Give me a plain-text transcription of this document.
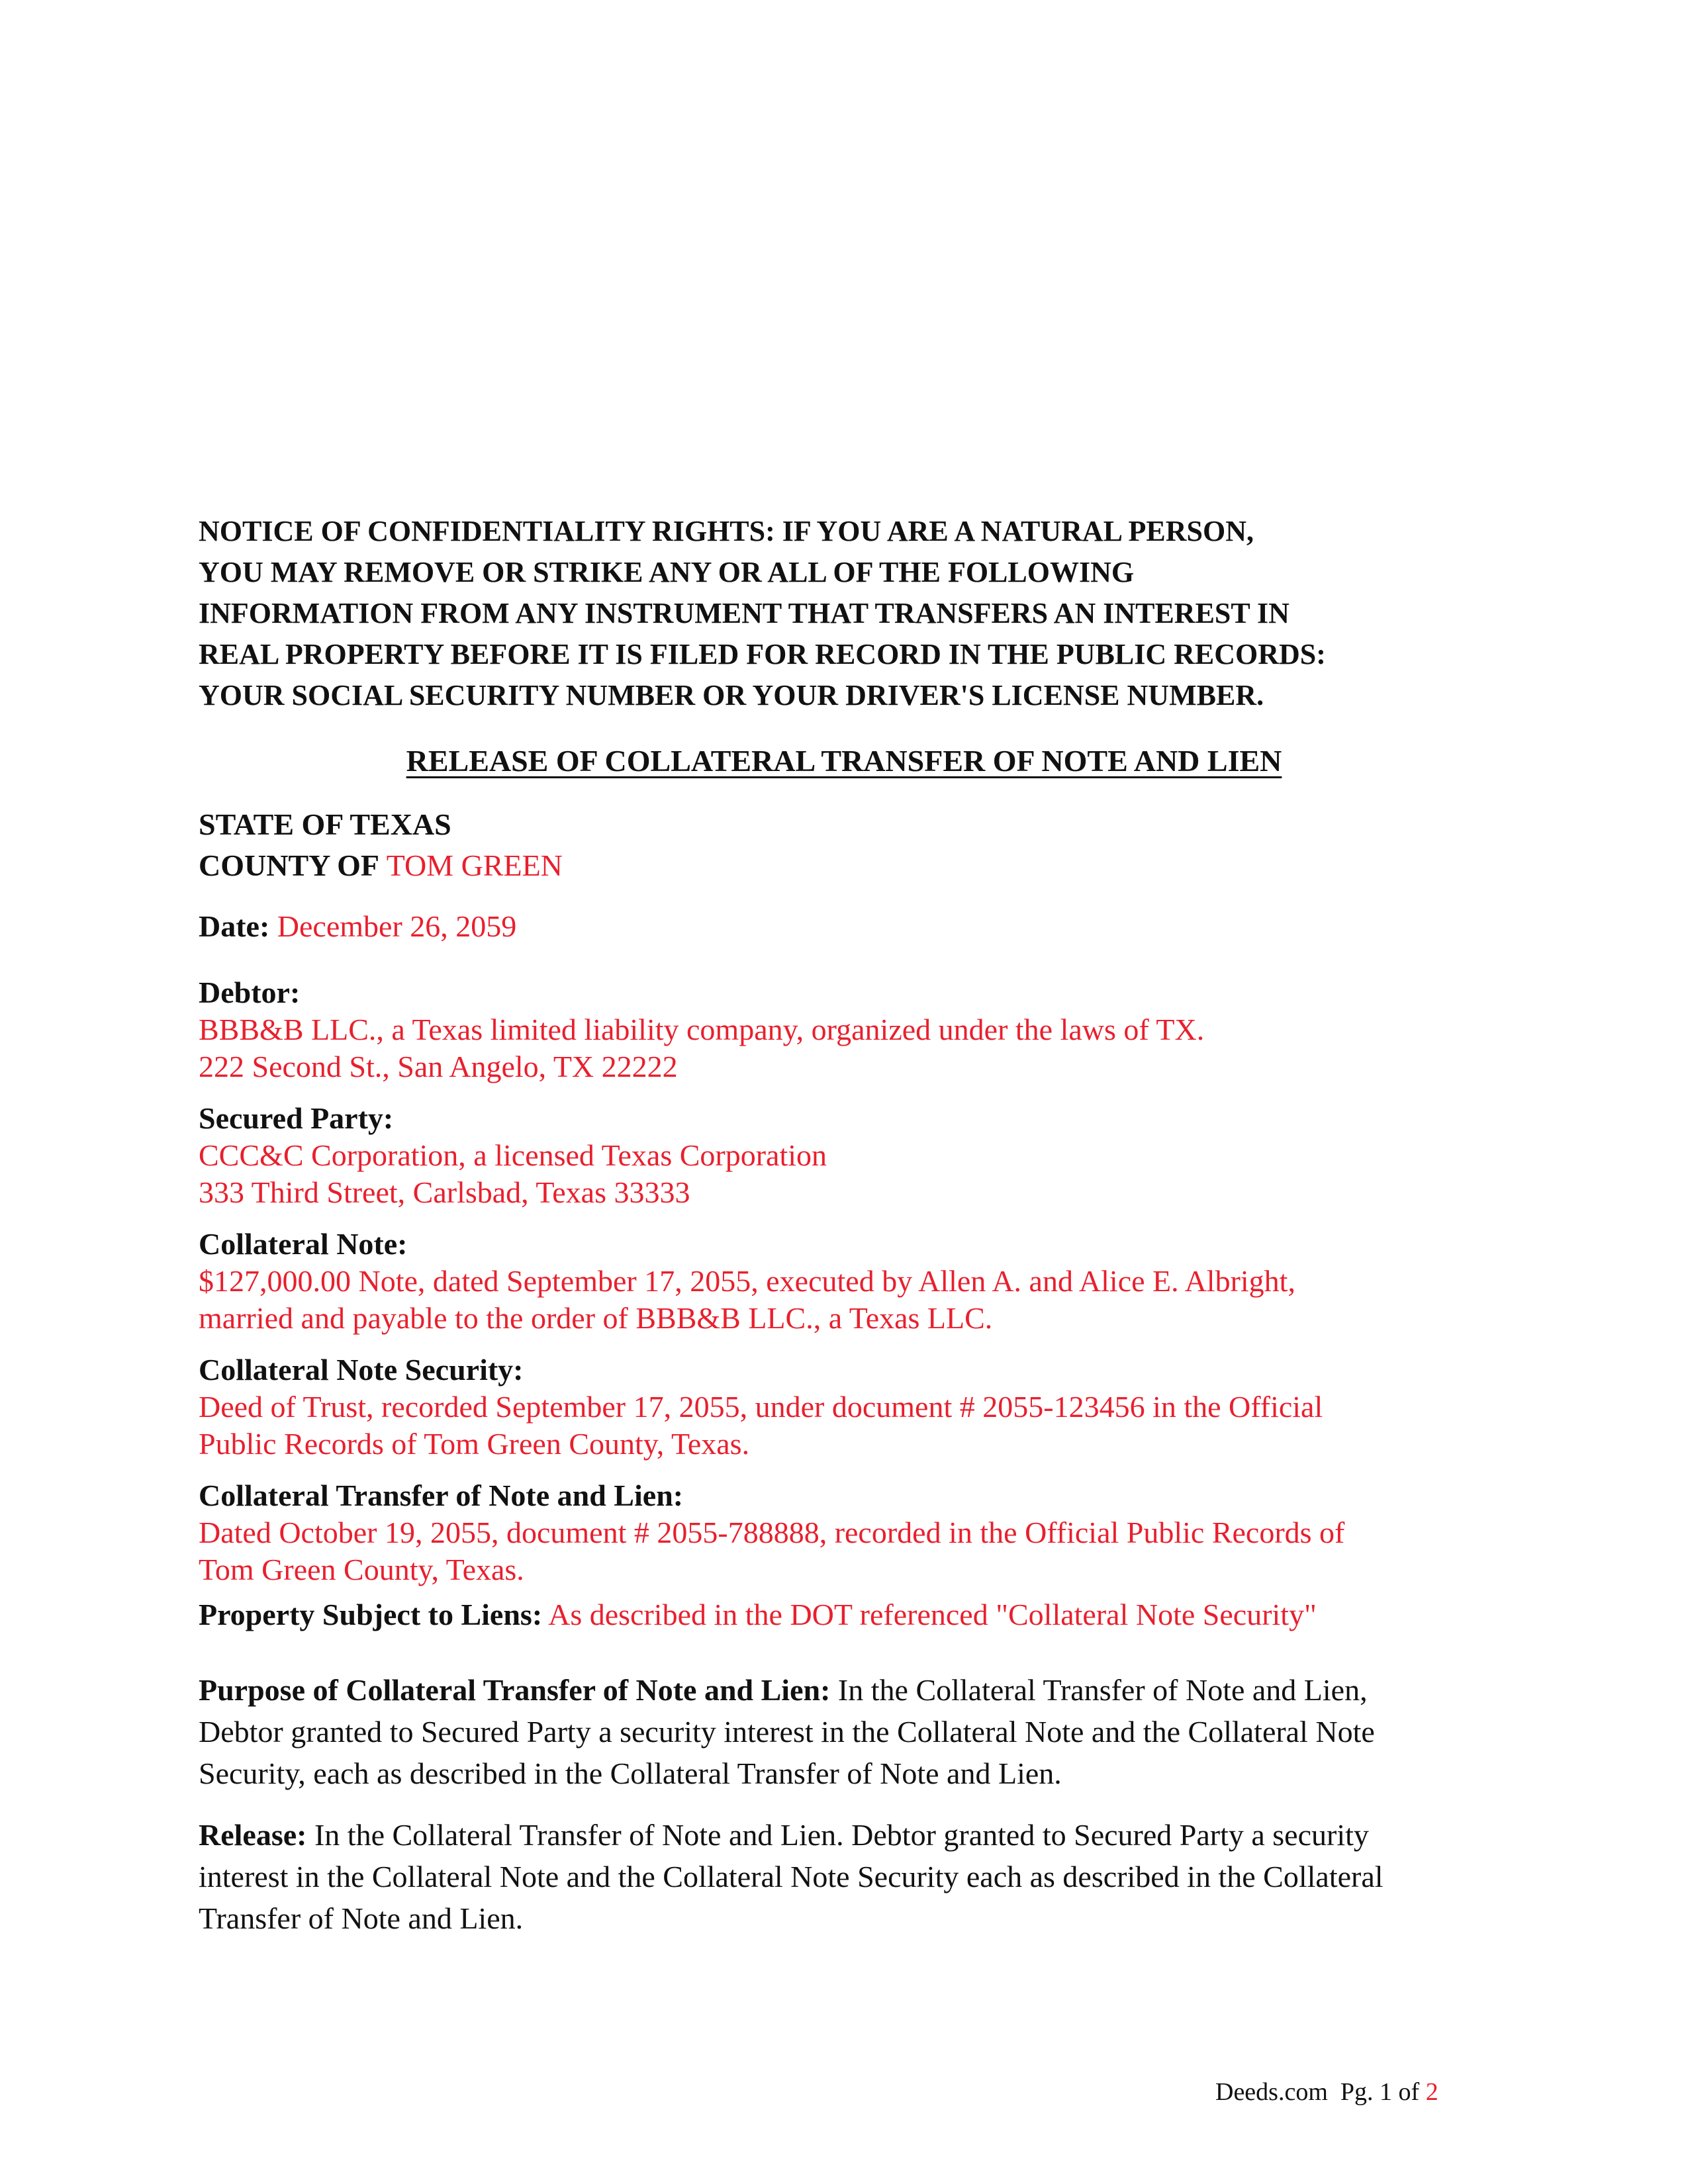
NOTICE OF CONFIDENTIALITY RIGHTS: IF YOU ARE A NATURAL PERSON,
YOU MAY REMOVE OR STRIKE ANY OR ALL OF THE FOLLOWING
INFORMATION FROM ANY INSTRUMENT THAT TRANSFERS AN INTEREST IN
REAL PROPERTY BEFORE IT IS FILED FOR RECORD IN THE PUBLIC RECORDS:
YOUR SOCIAL SECURITY NUMBER OR YOUR DRIVER'S LICENSE NUMBER.
RELEASE OF COLLATERAL TRANSFER OF NOTE AND LIEN
STATE OF TEXAS
COUNTY OF TOM GREEN
Date: December 26, 2059
Debtor:
BBB&B LLC., a Texas limited liability company, organized under the laws of TX.
222 Second St., San Angelo, TX 22222
Secured Party:
CCC&C Corporation, a licensed Texas Corporation
333 Third Street, Carlsbad, Texas 33333
Collateral Note:
$127,000.00 Note, dated September 17, 2055, executed by Allen A. and Alice E. Albright,
married and payable to the order of BBB&B LLC., a Texas LLC.
Collateral Note Security:
Deed of Trust, recorded September 17, 2055, under document # 2055-123456 in the Official
Public Records of Tom Green County, Texas.
Collateral Transfer of Note and Lien:
Dated October 19, 2055, document # 2055-788888, recorded in the Official Public Records of
Tom Green County, Texas.
Property Subject to Liens: As described in the DOT referenced "Collateral Note Security"
Purpose of Collateral Transfer of Note and Lien: In the Collateral Transfer of Note and Lien,
Debtor granted to Secured Party a security interest in the Collateral Note and the Collateral Note
Security, each as described in the Collateral Transfer of Note and Lien.
Release: In the Collateral Transfer of Note and Lien. Debtor granted to Secured Party a security
interest in the Collateral Note and the Collateral Note Security each as described in the Collateral
Transfer of Note and Lien.
Deeds.com Pg. 1 of 2
